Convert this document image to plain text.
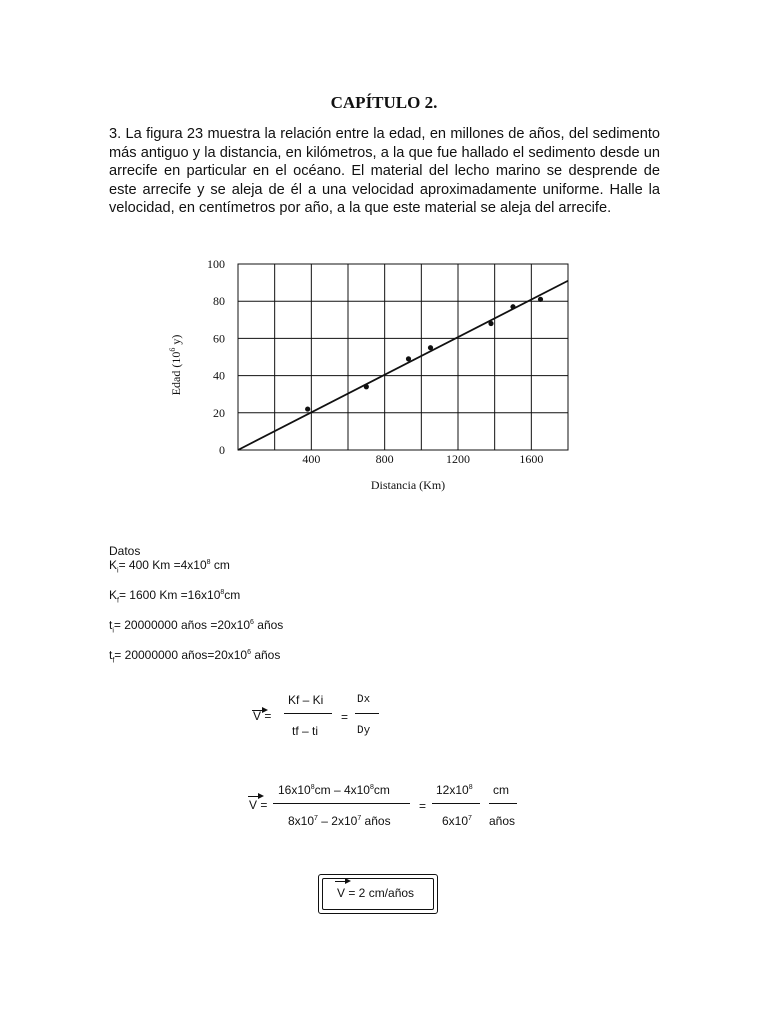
CAPÍTULO 2.
3. La figura 23 muestra la relación entre la edad, en millones de años, del sedimento más antiguo y la distancia, en kilómetros, a la que fue hallado el sedimento desde un arrecife en particular en el océano. El material del lecho marino se desprende de este arrecife y se aleja de él a una velocidad aproximadamente uniforme. Halle la velocidad, en centímetros por año, a la que este material se aleja del arrecife.
400	800	1200	1600
0
20
40
60
80
100
Distancia (Km)
Edad ($10^6$ y)
Datos
$K_i= 400$ $Km =4x10^8$ cm
$K_f= 1600$ $Km =16x10^8cm$
$t_i= 20000000$ años $=20x10^6$ años
$t_f= 20000000$ $años=20x10^6$ años
V =
Kf – Ki
tf – ti
=
Dx
Dy
V =
$16x10^8cm - 4x10^8cm$
$8x10^7 - 2x10^7$ años
=
$12x10^8$
$6x10^7$
cm
años
V = 2 cm/años
